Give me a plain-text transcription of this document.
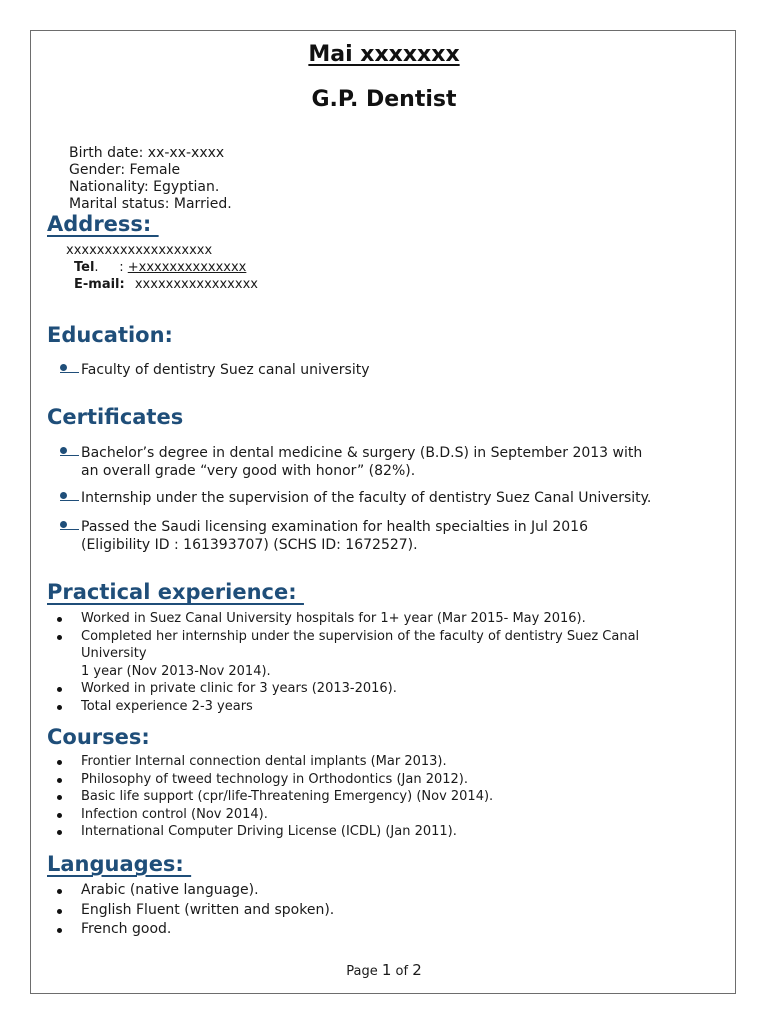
Mai xxxxxxx
G.P. Dentist
Birth date: xx-xx-xxxx
Gender: Female
Nationality: Egyptian.
Marital status: Married.
Address:
xxxxxxxxxxxxxxxxxxx
Tel.     : +xxxxxxxxxxxxxx
E-mail: xxxxxxxxxxxxxxxx
Education:
Faculty of dentistry Suez canal university
Certificates
Bachelor’s degree in dental medicine & surgery (B.D.S) in September 2013 with
an overall grade “very good with honor” (82%).
Internship under the supervision of the faculty of dentistry Suez Canal University.
Passed the Saudi licensing examination for health specialties in Jul 2016
(Eligibility ID : 161393707) (SCHS ID: 1672527).
Practical experience:
Worked in Suez Canal University hospitals for 1+ year (Mar 2015- May 2016).
Completed her internship under the supervision of the faculty of dentistry Suez Canal
University
1 year (Nov 2013-Nov 2014).
Worked in private clinic for 3 years (2013-2016).
Total experience 2-3 years
Courses:
Frontier Internal connection dental implants (Mar 2013).
Philosophy of tweed technology in Orthodontics (Jan 2012).
Basic life support (cpr/life-Threatening Emergency) (Nov 2014).
Infection control (Nov 2014).
International Computer Driving License (ICDL) (Jan 2011).
Languages:
Arabic (native language).
English Fluent (written and spoken).
French good.
Page 1 of 2
